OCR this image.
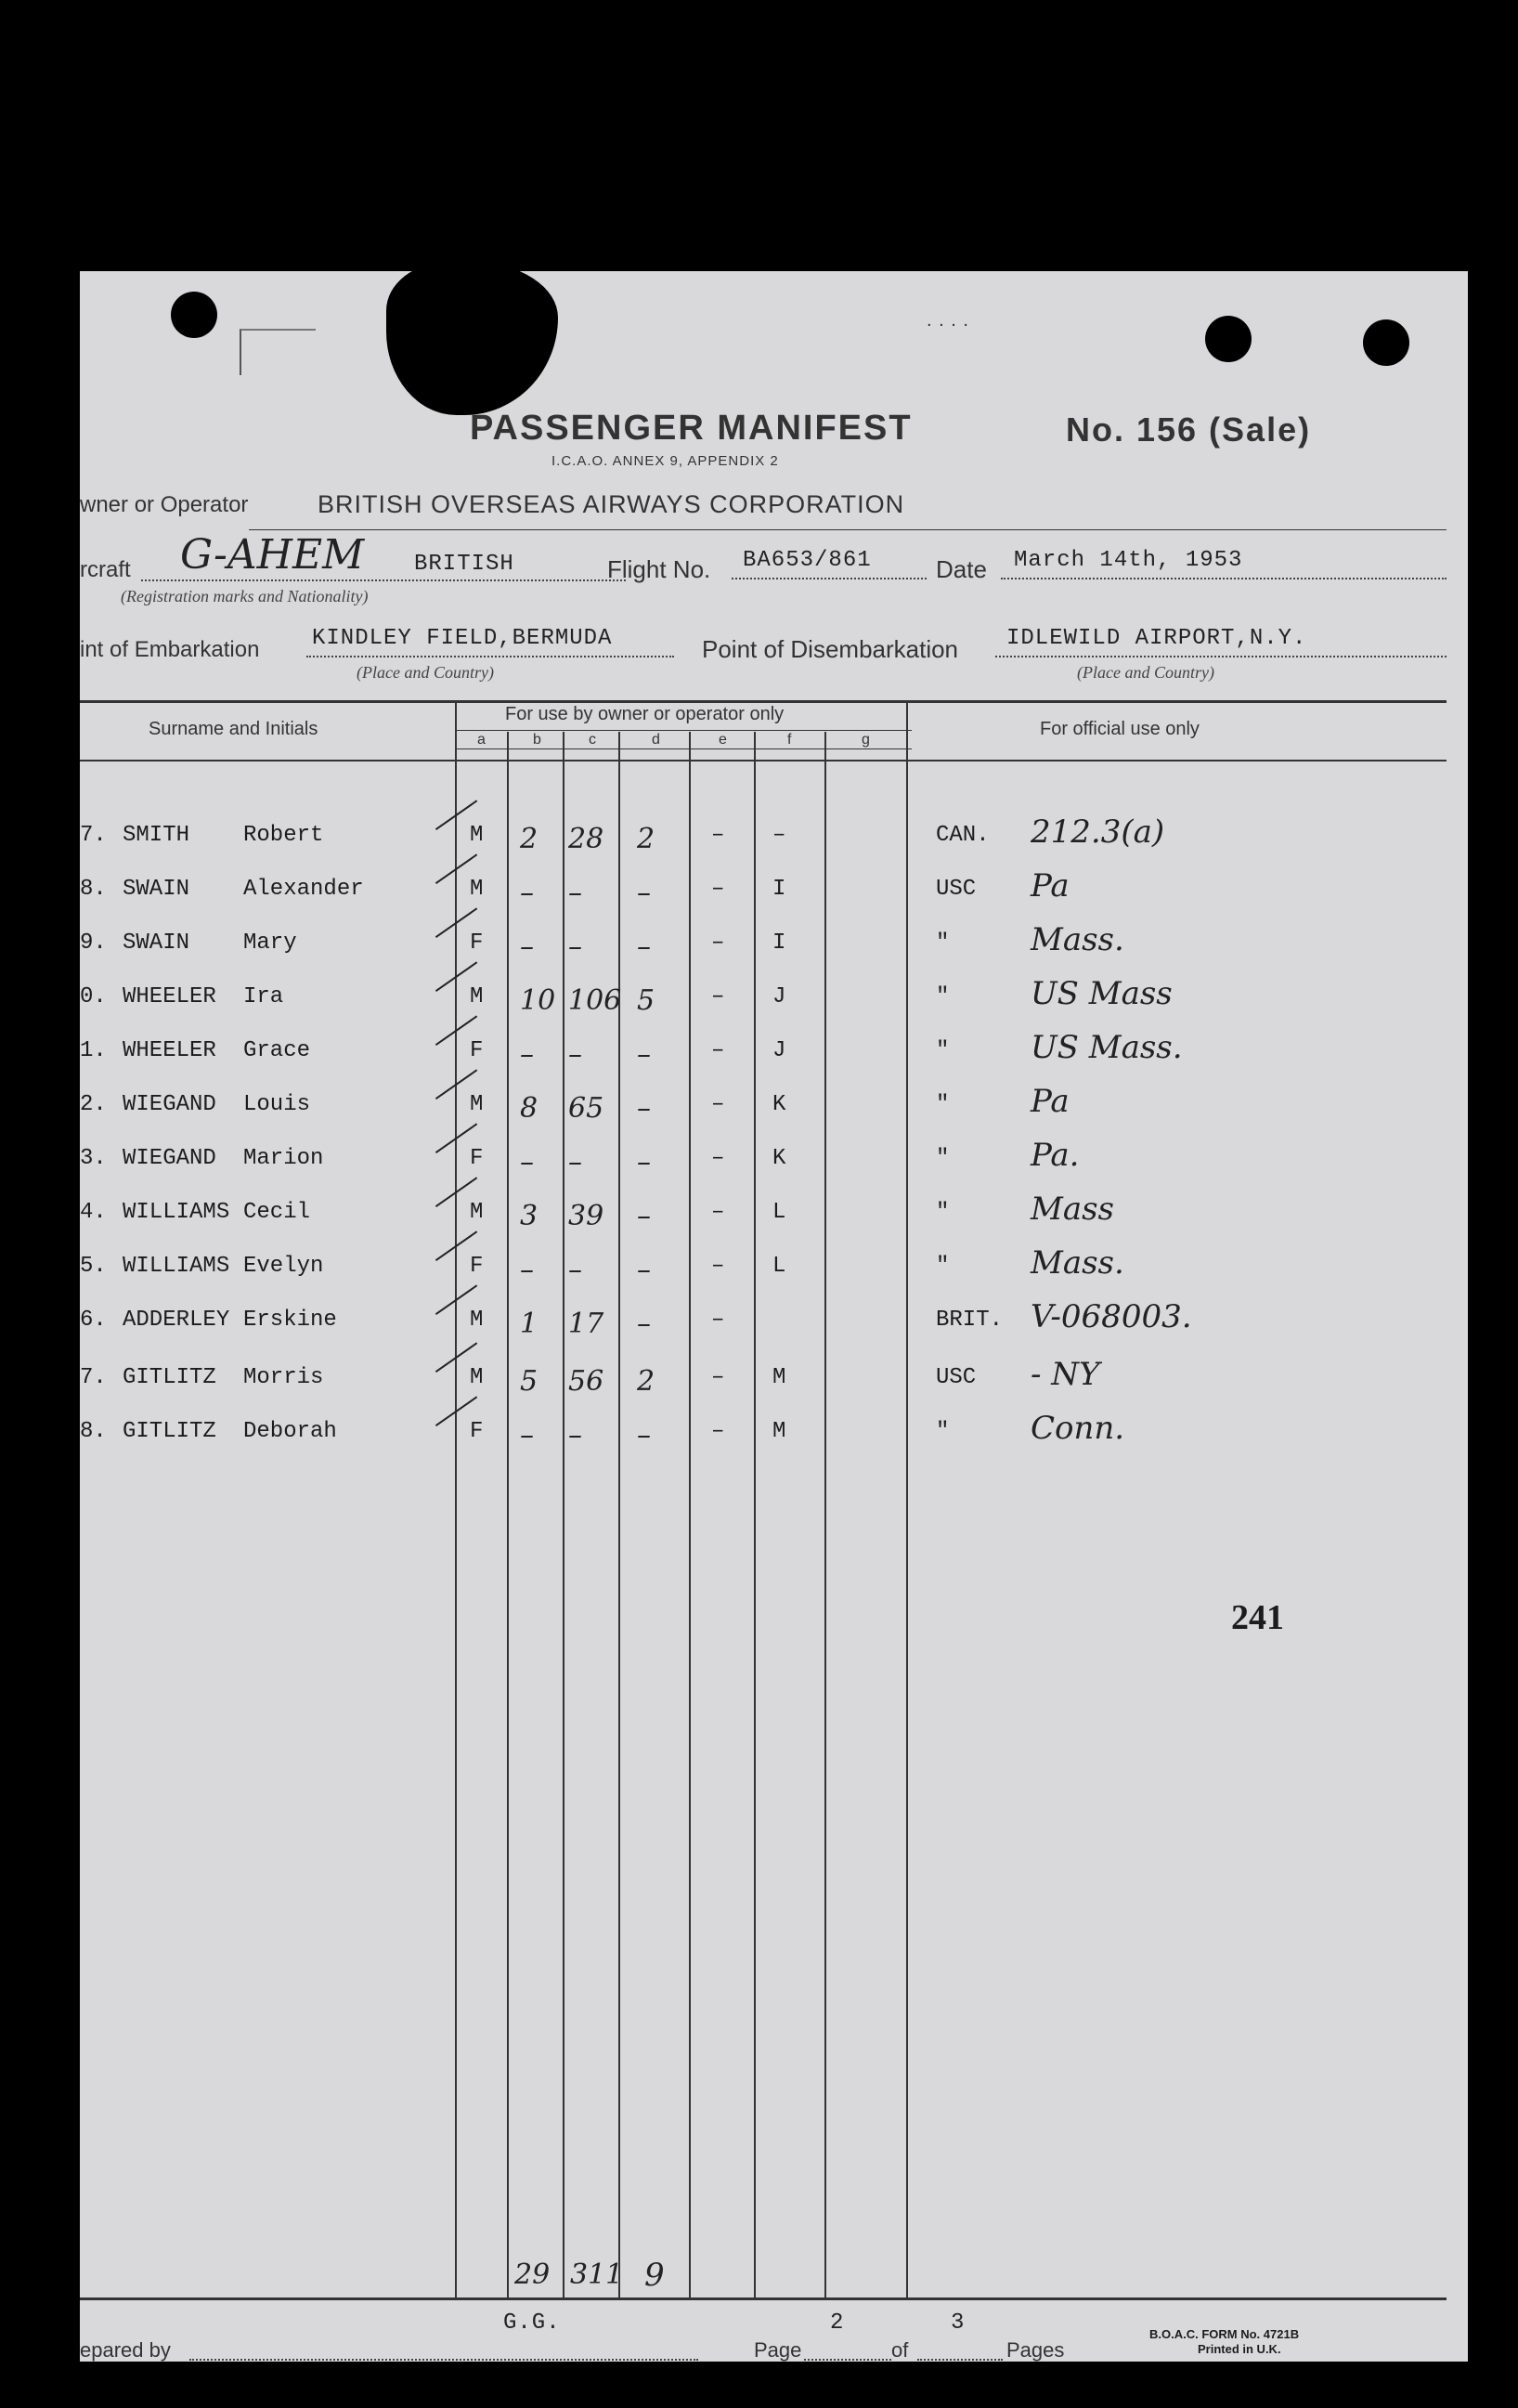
. . . .
PASSENGER MANIFEST
I.C.A.O. ANNEX 9, APPENDIX 2
No. 156 (Sale)
wner or Operator	BRITISH OVERSEAS AIRWAYS CORPORATION
rcraft G-AHEM BRITISH
(Registration marks and Nationality)
Flight No. BA653/861	Date March 14th, 1953
int of Embarkation KINDLEY FIELD,BERMUDA
(Place and Country)
Point of Disembarkation IDLEWILD AIRPORT,N.Y.
(Place and Country)
Surname and Initials
For use by owner or operator only
For official use only
a	b	c	d	e	f	g
7. SMITH Robert	M 2 28 2	– –	CAN. 212.3(a)
8. SWAIN Alexander	M – – –	– I	USC Pa
9. SWAIN Mary	F – – –	– I	"	Mass.
0. WHEELER Ira	M 10 106 5	– J	"	US Mass
1. WHEELER Grace	F – – –	– J	"	US Mass.
2. WIEGAND Louis	M 8 65 –	– K	"	Pa
3. WIEGAND Marion	F – – –	– K	"	Pa.
4. WILLIAMS Cecil	M 3 39 –	– L	"	Mass
5. WILLIAMS Evelyn	F – – –	– L	"	Mass.
6. ADDERLEY Erskine	M 1 17 –	–	BRIT. V-068003.
7. GITLITZ Morris	M 5 56 2	– M	USC - NY
8. GITLITZ Deborah	F – – –	– M	"	Conn.
29 311 9
241
G.G.
epared by	Page
2
of
3
Pages
B.O.A.C. FORM No. 4721B
Printed in U.K.
